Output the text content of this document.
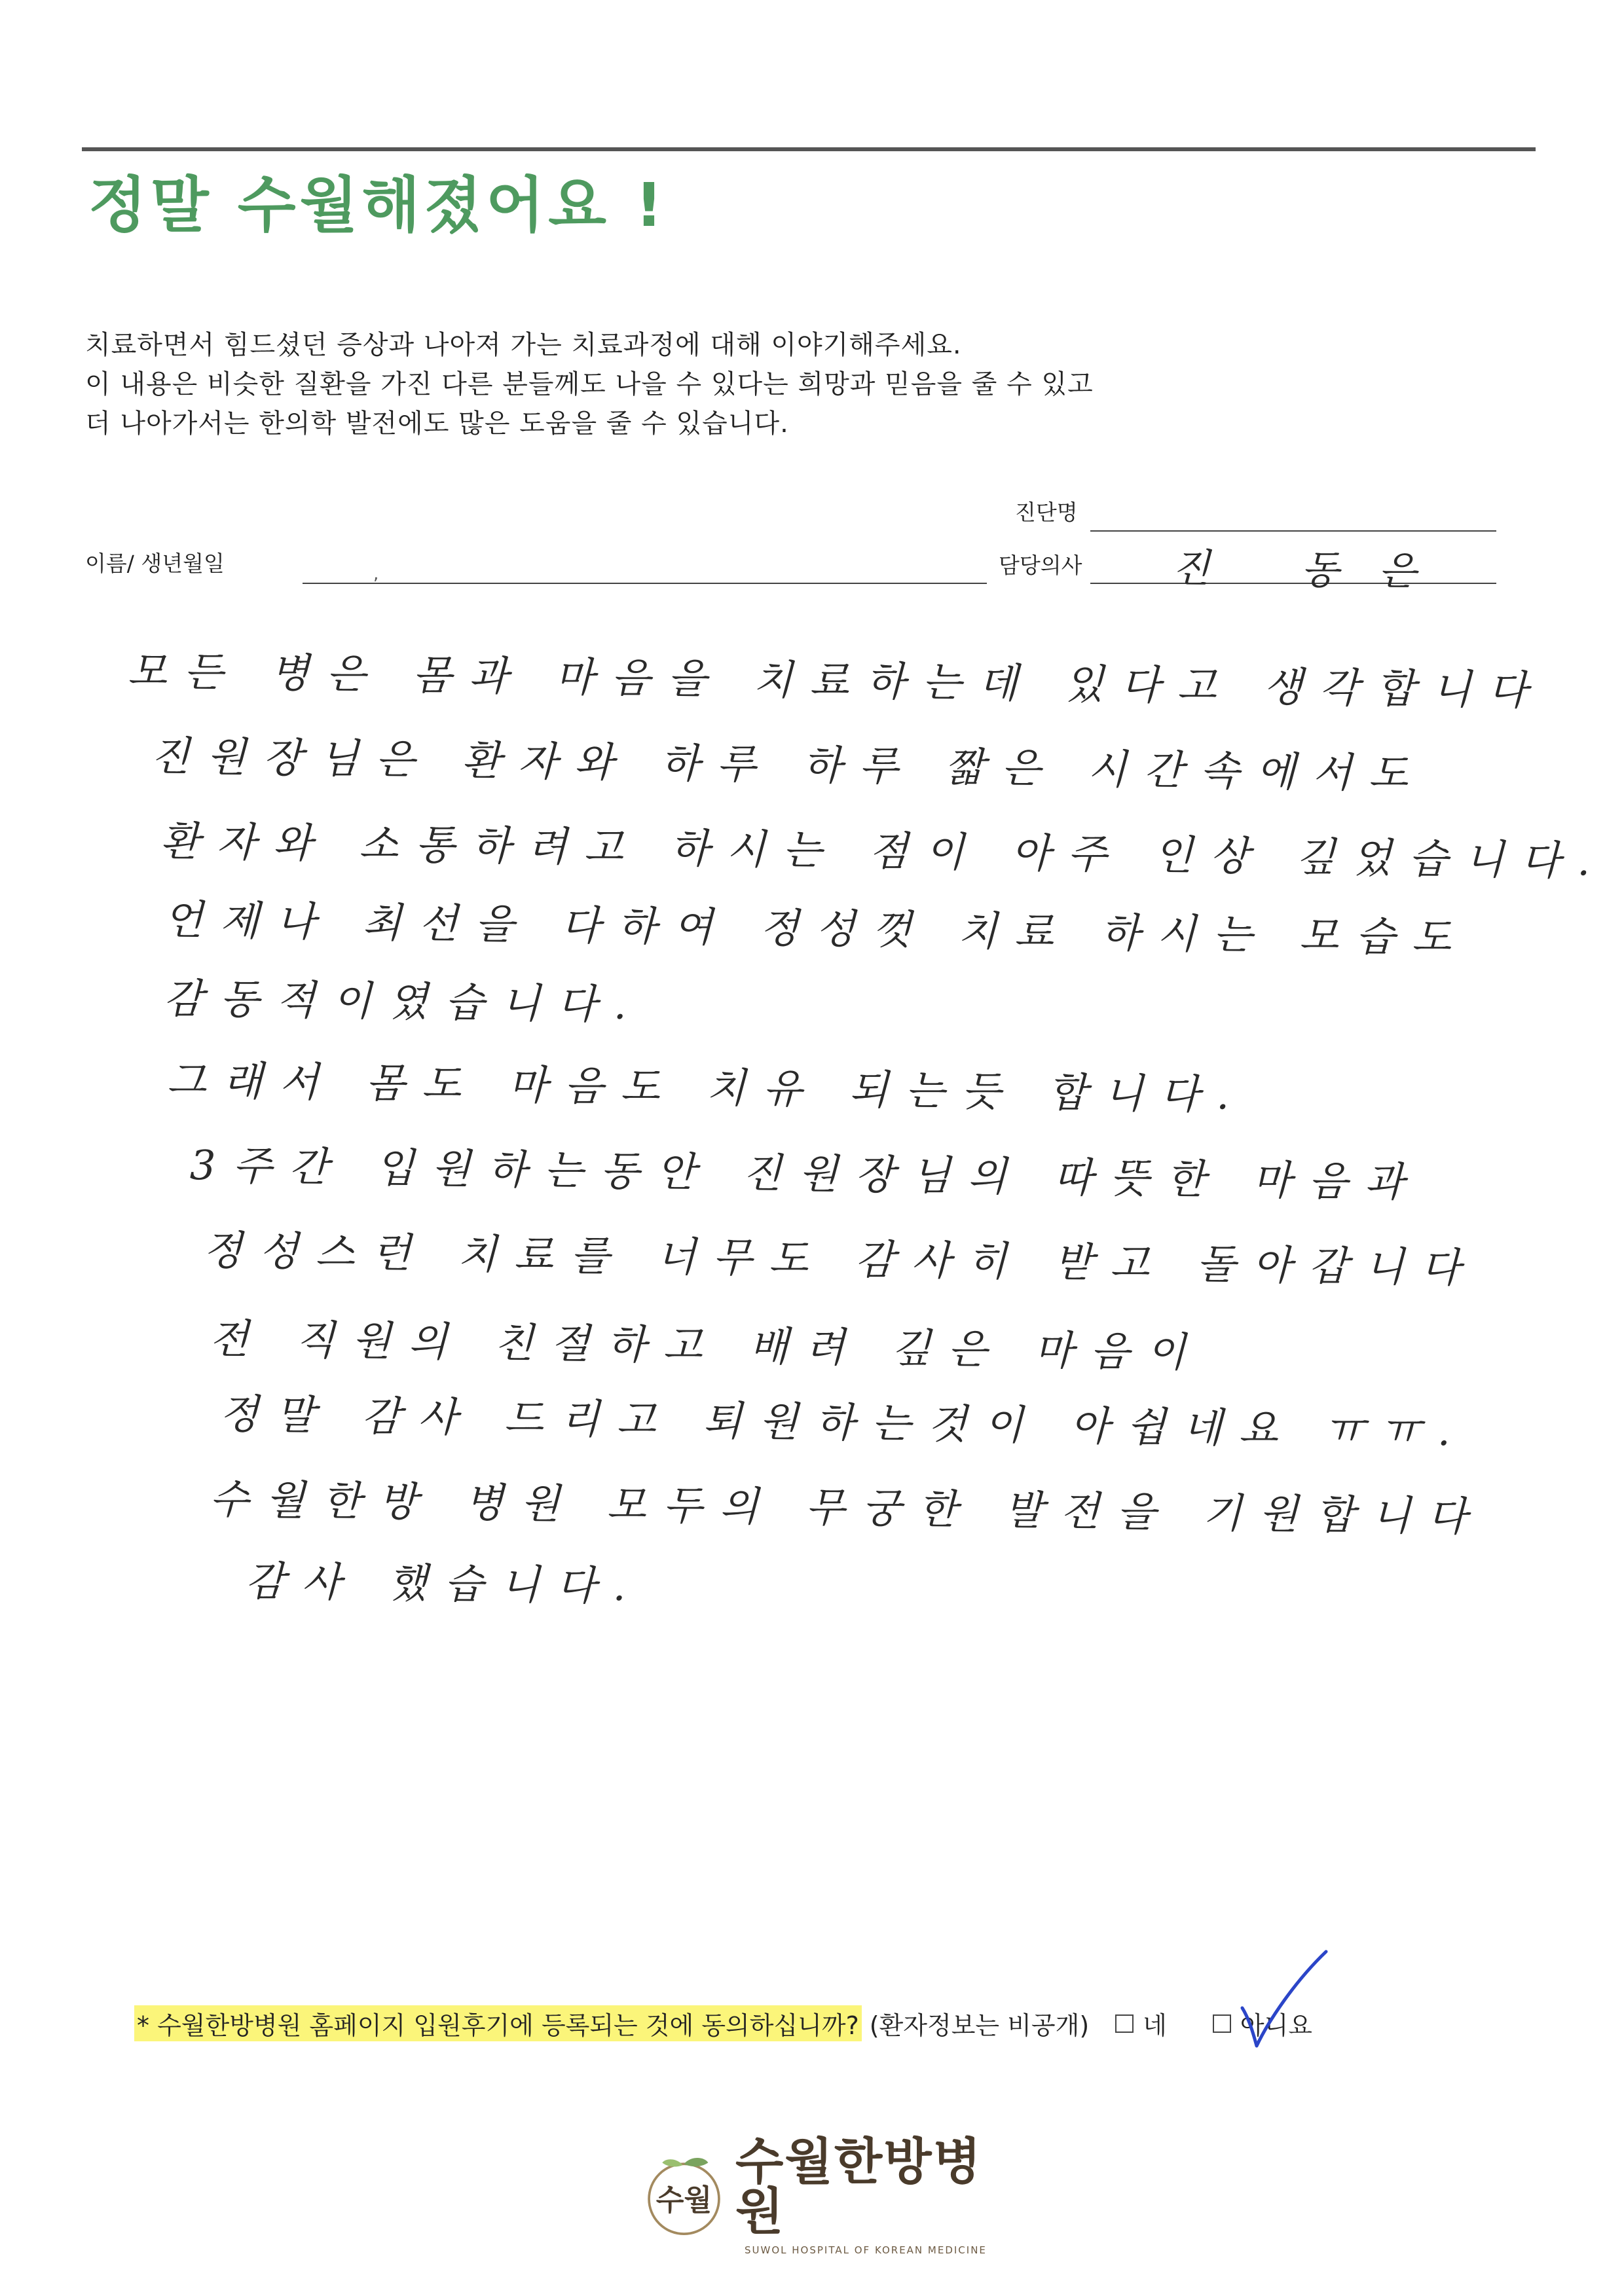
정말 수월해졌어요 !
치료하면서 힘드셨던 증상과 나아져 가는 치료과정에 대해 이야기해주세요.
이 내용은 비슷한 질환을 가진 다른 분들께도 나을 수 있다는 희망과 믿음을 줄 수 있고
더 나아가서는 한의학 발전에도 많은 도움을 줄 수 있습니다.
진단명
이름/ 생년월일	,	담당의사 진 동은
모든 병은 몸과 마음을 치료하는데 있다고 생각합니다
진원장님은 환자와 하루 하루 짧은 시간속에서도
환자와 소통하려고 하시는 점이 아주 인상 깊었습니다.
언제나 최선을 다하여 정성껏 치료 하시는 모습도
감동적이였습니다.
그래서 몸도 마음도 치유 되는듯 합니다.
3주간 입원하는동안 진원장님의 따뜻한 마음과
정성스런 치료를 너무도 감사히 받고 돌아갑니다
전 직원의 친절하고 배려 깊은 마음이
정말 감사 드리고 퇴원하는것이 아쉽네요 ㅠㅠ.
수월한방 병원 모두의 무궁한 발전을 기원합니다
감사 했습니다.
* 수월한방병원 홈페이지 입원후기에 등록되는 것에 동의하십니까? (환자정보는 비공개) 네	아니요
수월
수월한방병원
SUWOL HOSPITAL OF KOREAN MEDICINE
